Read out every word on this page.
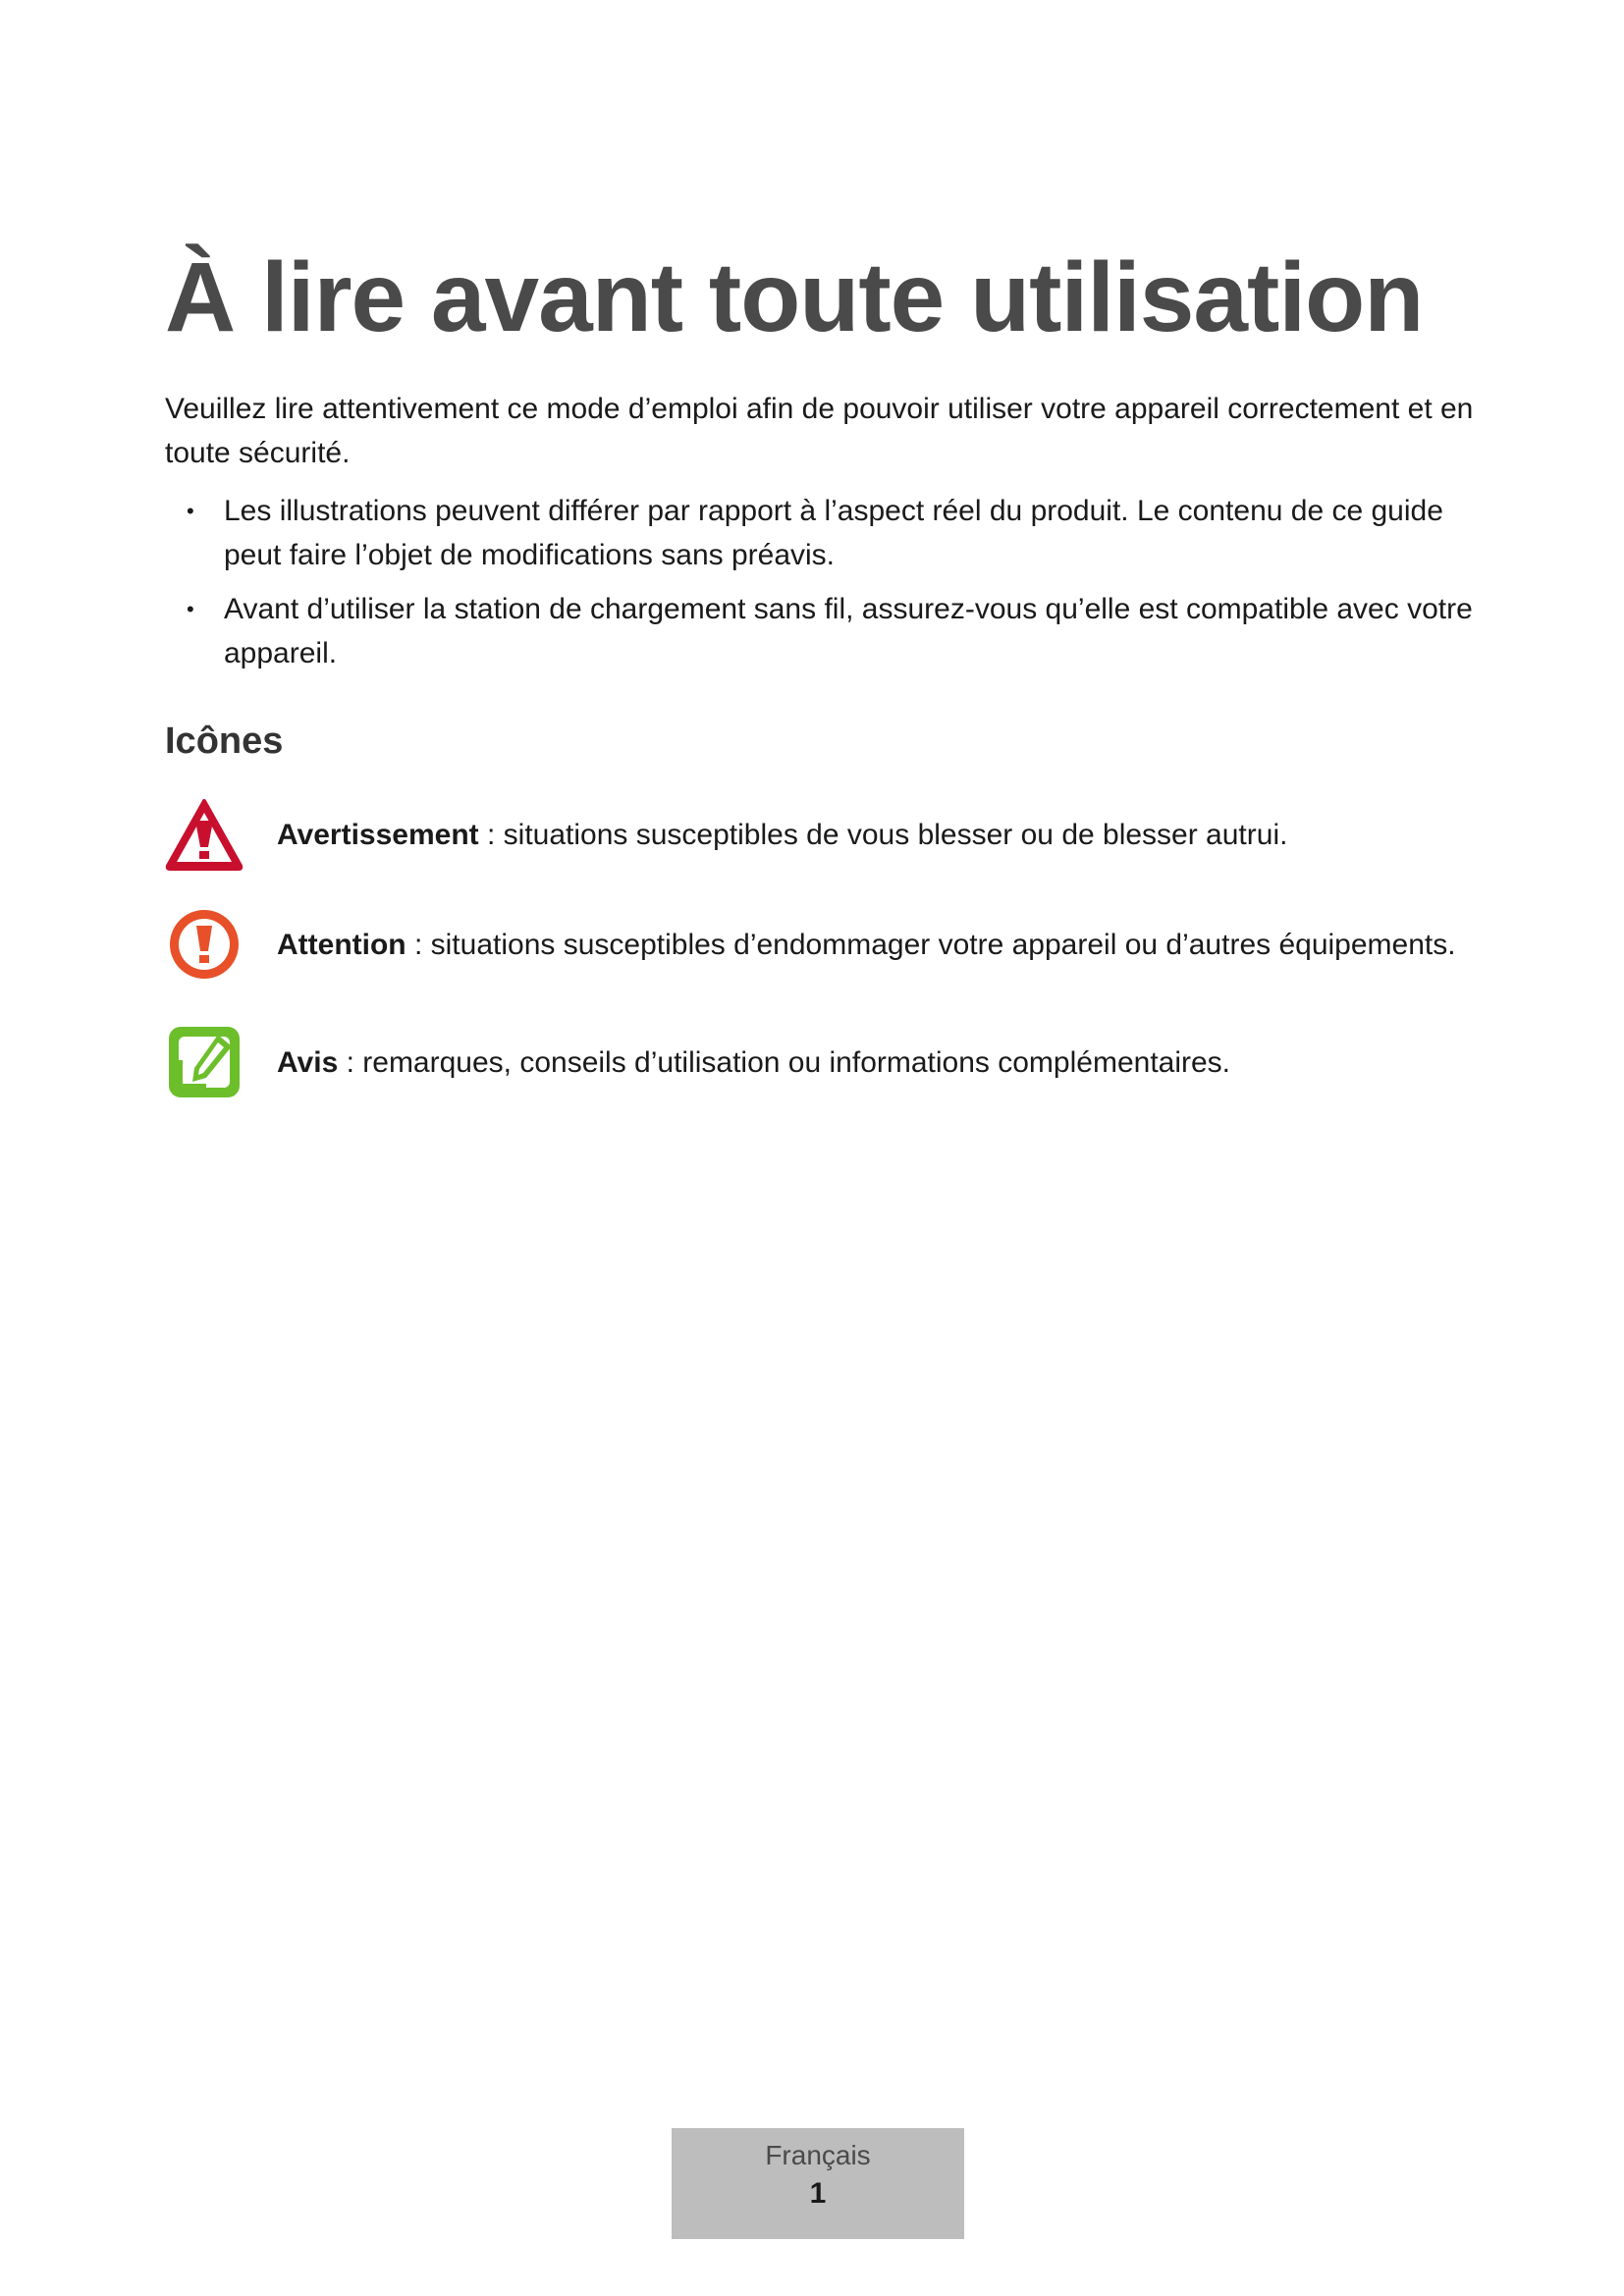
À lire avant toute utilisation

Veuillez lire attentivement ce mode d’emploi afin de pouvoir utiliser votre appareil correctement et en toute sécurité.

• Les illustrations peuvent différer par rapport à l’aspect réel du produit. Le contenu de ce guide peut faire l’objet de modifications sans préavis.
• Avant d’utiliser la station de chargement sans fil, assurez-vous qu’elle est compatible avec votre appareil.
Icônes
Avertissement : situations susceptibles de vous blesser ou de blesser autrui.
Attention : situations susceptibles d’endommager votre appareil ou d’autres équipements.
Avis : remarques, conseils d’utilisation ou informations complémentaires.
Français
1
